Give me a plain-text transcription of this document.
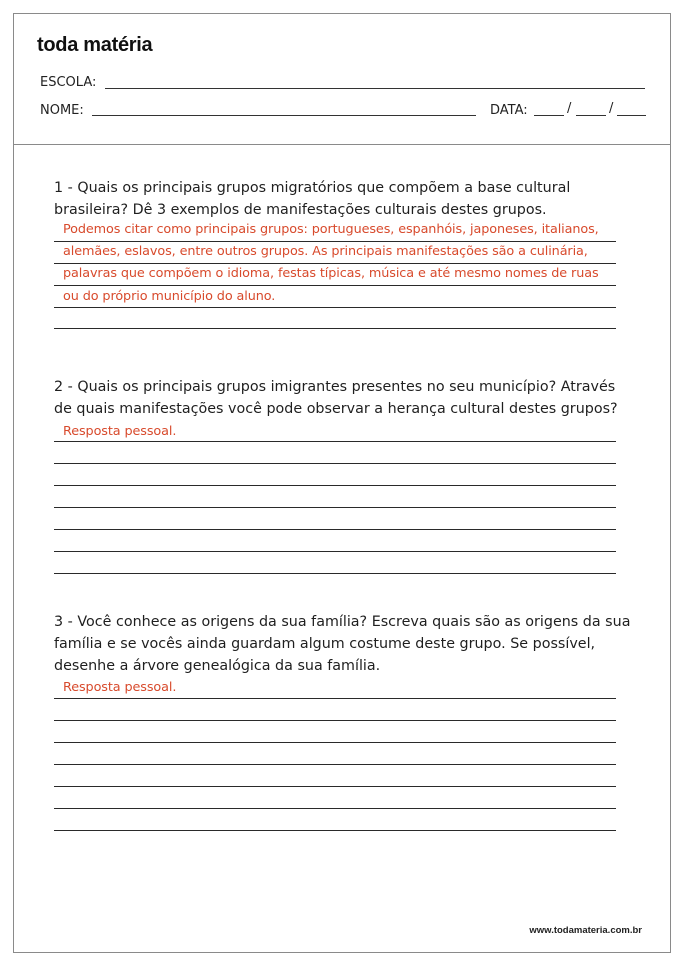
toda matéria
ESCOLA:
NOME:	DATA:	/	/
1 - Quais os principais grupos migratórios que compõem a base cultural brasileira? Dê 3 exemplos de manifestações culturais destes grupos.
Podemos citar como principais grupos: portugueses, espanhóis, japoneses, italianos,
alemães, eslavos, entre outros grupos. As principais manifestações são a culinária,
palavras que compõem o idioma, festas típicas, música e até mesmo nomes de ruas
ou do próprio município do aluno.
2 - Quais os principais grupos imigrantes presentes no seu município? Através de quais manifestações você pode observar a herança cultural destes grupos?
Resposta pessoal.
3 - Você conhece as origens da sua família? Escreva quais são as origens da sua família e se vocês ainda guardam algum costume deste grupo. Se possível, desenhe a árvore genealógica da sua família.
Resposta pessoal.
www.todamateria.com.br
